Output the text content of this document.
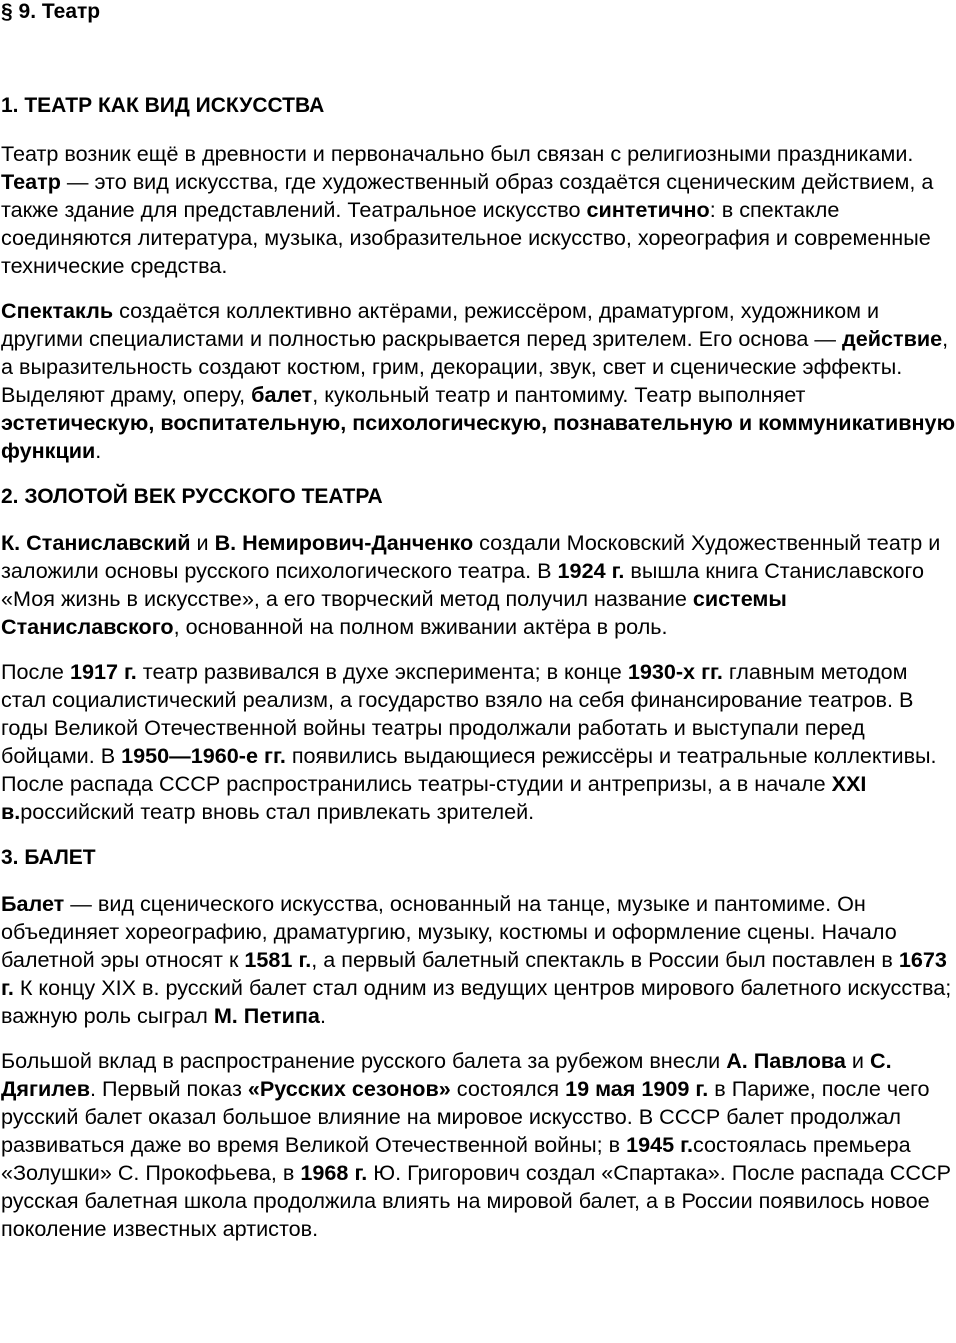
§ 9. Театр
1. ТЕАТР КАК ВИД ИСКУССТВА

Театр возник ещё в древности и первоначально был связан с религиозными праздниками. Театр — это вид искусства, где художественный образ создаётся сценическим действием, а также здание для представлений. Театральное искусство синтетично: в спектакле соединяются литература, музыка, изобразительное искусство, хореография и современные технические средства.

Спектакль создаётся коллективно актёрами, режиссёром, драматургом, художником и другими специалистами и полностью раскрывается перед зрителем. Его основа — действие, а выразительность создают костюм, грим, декорации, звук, свет и сценические эффекты. Выделяют драму, оперу, балет, кукольный театр и пантомиму. Театр выполняет эстетическую, воспитательную, психологическую, познавательную и коммуникативную функции.

2. ЗОЛОТОЙ ВЕК РУССКОГО ТЕАТРА

К. Станиславский и В. Немирович-Данченко создали Московский Художественный театр и заложили основы русского психологического театра. В 1924 г. вышла книга Станиславского «Моя жизнь в искусстве», а его творческий метод получил название системы Станиславского, основанной на полном вживании актёра в роль.

После 1917 г. театр развивался в духе эксперимента; в конце 1930-х гг. главным методом стал социалистический реализм, а государство взяло на себя финансирование театров. В годы Великой Отечественной войны театры продолжали работать и выступали перед бойцами. В 1950—1960-е гг. появились выдающиеся режиссёры и театральные коллективы. После распада СССР распространились театры-студии и антрепризы, а в начале XXI в.российский театр вновь стал привлекать зрителей.

3. БАЛЕТ

Балет — вид сценического искусства, основанный на танце, музыке и пантомиме. Он объединяет хореографию, драматургию, музыку, костюмы и оформление сцены. Начало балетной эры относят к 1581 г., а первый балетный спектакль в России был поставлен в 1673 г. К концу XIX в. русский балет стал одним из ведущих центров мирового балетного искусства; важную роль сыграл М. Петипа.

Большой вклад в распространение русского балета за рубежом внесли А. Павлова и С. Дягилев. Первый показ «Русских сезонов» состоялся 19 мая 1909 г. в Париже, после чего русский балет оказал большое влияние на мировое искусство. В СССР балет продолжал развиваться даже во время Великой Отечественной войны; в 1945 г.состоялась премьера «Золушки» С. Прокофьева, в 1968 г. Ю. Григорович создал «Спартака». После распада СССР русская балетная школа продолжила влиять на мировой балет, а в России появилось новое поколение известных артистов.
